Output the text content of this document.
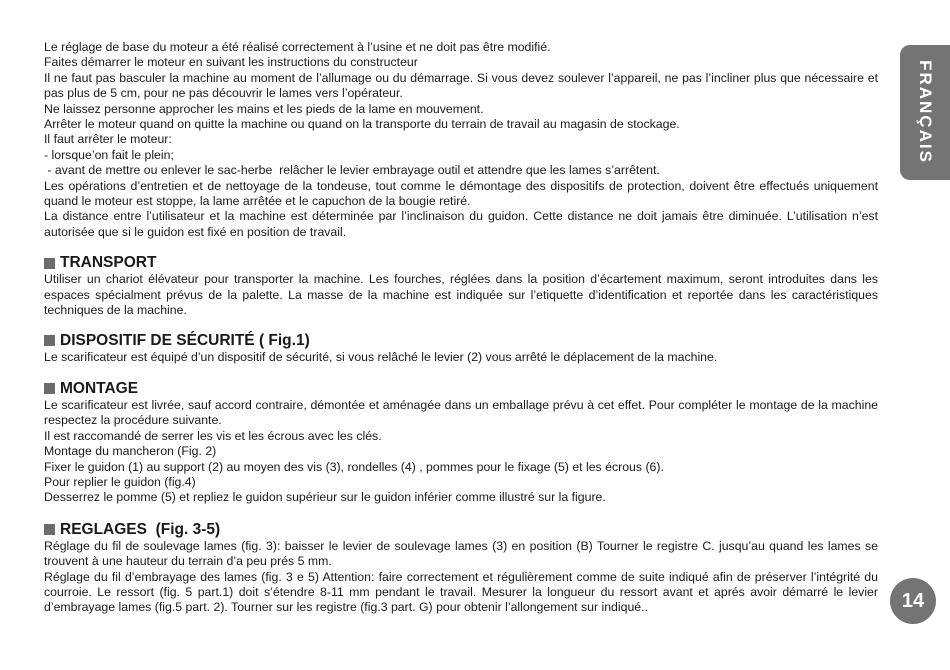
FRANÇAIS

Le réglage de base du moteur a été réalisé correctement à l’usine et ne doit pas être modifié.

Faites démarrer le moteur en suivant les instructions du constructeur

Il ne faut pas basculer la machine au moment de l’allumage ou du démarrage. Si vous devez soulever l’appareil, ne pas l’incliner plus que nécessaire et pas plus de 5 cm, pour ne pas découvrir le lames vers l’opérateur.

Ne laissez personne approcher les mains et les pieds de la lame en mouvement.

Arrêter le moteur quand on quitte la machine ou quand on la transporte du terrain de travail au magasin de stockage.

Il faut arrêter le moteur:

- lorsque’on fait le plein;

- avant de mettre ou enlever le sac-herbe  relâcher le levier embrayage outil et attendre que les lames s’arrêtent.

Les opérations d’entretien et de nettoyage de la tondeuse, tout comme le démontage des dispositifs de protection, doivent être effectués uniquement quand le moteur est stoppe, la lame arrêtée et le capuchon de la bougie retiré.

La distance entre l’utilisateur et la machine est déterminée par l’inclinaison du guidon. Cette distance ne doit jamais être diminuée. L’utilisation n’est autorisée que si le guidon est fixé en position de travail.

TRANSPORT

Utiliser un chariot élévateur pour transporter la machine. Les fourches, réglées dans la position d’écartement maximum, seront introduites dans les espaces spécialment prévus de la palette. La masse de la machine est indiquée sur l’etiquette d’identification et reportée dans les caractéristiques techniques de la machine.

DISPOSITIF DE SÉCURITÉ ( Fig.1)

Le scarificateur est équipé d’un dispositif de sécurité, si vous relâché le levier (2) vous arrêté le déplacement de la machine.

MONTAGE

Le scarificateur est livrée, sauf accord contraire, démontée et aménagée dans un emballage prévu à cet effet. Pour compléter le montage de la machine respectez la procédure suivante.

Il est raccomandé de serrer les vis et les écrous avec les clés.

Montage du mancheron (Fig. 2)

Fixer le guidon (1) au support (2) au moyen des vis (3), rondelles (4) , pommes pour le fixage (5) et les écrous (6).

Pour replier le guidon (fig.4)

Desserrez le pomme (5) et repliez le guidon supérieur sur le guidon inférier comme illustré sur la figure.

REGLAGES  (Fig. 3-5)

Réglage du fil de soulevage lames (fig. 3): baisser le levier de soulevage lames (3) en position (B) Tourner le registre C. jusqu’au quand les lames se trouvent à une hauteur du terrain d’a peu prés 5 mm.

Réglage du fil d’embrayage des lames (fig. 3 e 5) Attention: faire correctement et régulièrement comme de suite indiqué afin de préserver l’intégrité du courroie. Le ressort (fig. 5 part.1) doit s’étendre 8-11 mm pendant le travail. Mesurer la longueur du ressort avant et aprés avoir démarré le levier d’embrayage lames (fig.5 part. 2). Tourner sur les registre (fig.3 part. G) pour obtenir l’allongement sur indiqué..	14
